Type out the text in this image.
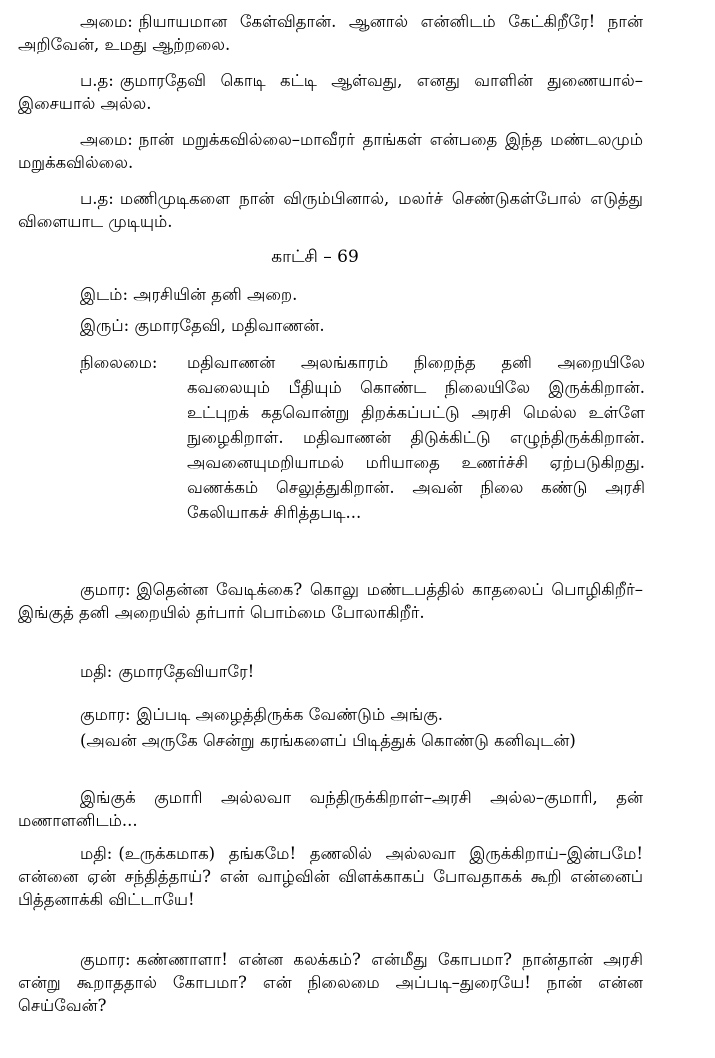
அமை: நியாயமான கேள்விதான். ஆனால் என்னிடம் கேட்கிறீரே! நான் அறிவேன், உமது ஆற்றலை.

ப.த: குமாரதேவி கொடி கட்டி ஆள்வது, எனது வாளின் துணையால்–இசையால் அல்ல.

அமை: நான் மறுக்கவில்லை–மாவீரர் தாங்கள் என்பதை இந்த மண்டலமும் மறுக்கவில்லை.

ப.த: மணிமுடிகளை நான் விரும்பினால், மலர்ச் செண்டுகள்போல் எடுத்து விளையாட முடியும்.

காட்சி – 69
இடம்: அரசியின் தனி அறை.
இருப்: குமாரதேவி, மதிவாணன்.
நிலைமை: மதிவாணன் அலங்காரம் நிறைந்த தனி அறையிலே கவலையும் பீதியும் கொண்ட நிலையிலே இருக்கிறான். உட்புறக் கதவொன்று திறக்கப்பட்டு அரசி மெல்ல உள்ளே நுழைகிறாள். மதிவாணன் திடுக்கிட்டு எழுந்திருக்கிறான். அவனையுமறியாமல் மரியாதை உணர்ச்சி ஏற்படுகிறது. வணக்கம் செலுத்துகிறான். அவன் நிலை கண்டு அரசி கேலியாகச் சிரித்தபடி...

குமார: இதென்ன வேடிக்கை? கொலு மண்டபத்தில் காதலைப் பொழிகிறீர்–இங்குத் தனி அறையில் தர்பார் பொம்மை போலாகிறீர்.

மதி: குமாரதேவியாரே!

குமார: இப்படி அழைத்திருக்க வேண்டும் அங்கு.

(அவன் அருகே சென்று கரங்களைப் பிடித்துக் கொண்டு கனிவுடன்)

இங்குக் குமாரி அல்லவா வந்திருக்கிறாள்–அரசி அல்ல–குமாரி, தன் மணாளனிடம்...

மதி: (உருக்கமாக) தங்கமே! தணலில் அல்லவா இருக்கிறாய்–இன்பமே! என்னை ஏன் சந்தித்தாய்? என் வாழ்வின் விளக்காகப் போவதாகக் கூறி என்னைப் பித்தனாக்கி விட்டாயே!

குமார: கண்ணாளா! என்ன கலக்கம்? என்மீது கோபமா? நான்தான் அரசி என்று கூறாததால் கோபமா? என் நிலைமை அப்படி–துரையே! நான் என்ன செய்வேன்?
